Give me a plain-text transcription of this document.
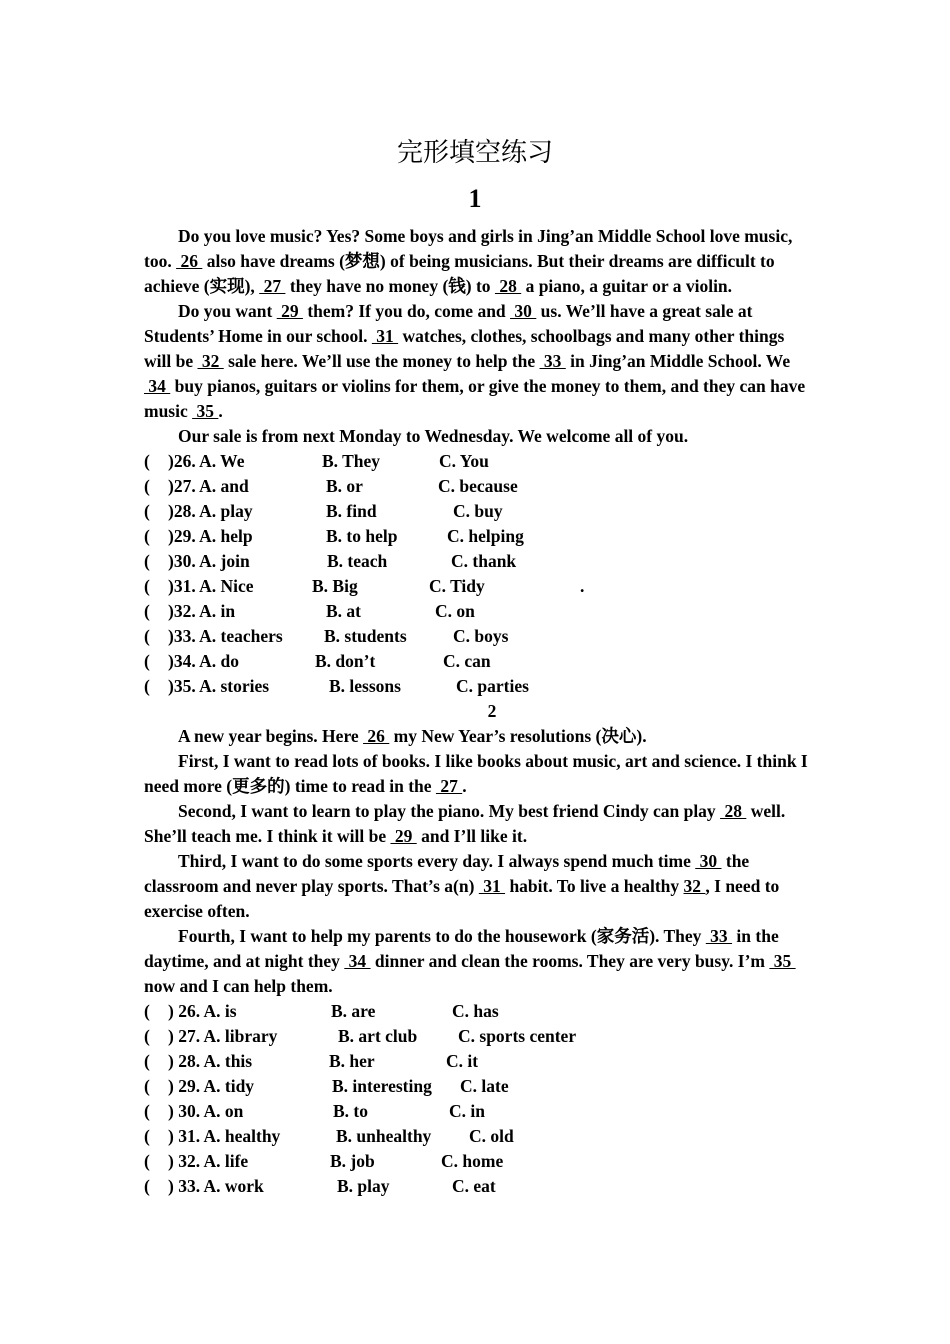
完形填空练习
1

Do you love music? Yes? Some boys and girls in Jing’an Middle School love music, too.  26  also have dreams (梦想) of being musicians. But their dreams are difficult to achieve (实现),  27  they have no money (钱) to  28  a piano, a guitar or a violin.

Do you want  29  them? If you do, come and  30  us. We’ll have a great sale at Students’ Home in our school.  31  watches, clothes, schoolbags and many other things will be  32  sale here. We’ll use the money to help the  33  in Jing’an Middle School. We  34  buy pianos, guitars or violins for them, or give the money to them, and they can have music  35 .

Our sale is from next Monday to Wednesday. We welcome all of you.

( )26. A. We	B. They	C. You
( )27. A. and	B. or	C. because
( )28. A. play	B. find	C. buy
( )29. A. help	B. to help	C. helping
( )30. A. join	B. teach	C. thank
( )31. A. Nice	B. Big	C. Tidy	.
( )32. A. in	B. at	C. on
( )33. A. teachers B. students	C. boys
( )34. A. do	B. don’t	C. can
( )35. A. stories	B. lessons	C. parties
2

A new year begins. Here  26  my New Year’s resolutions (决心).

First, I want to read lots of books. I like books about music, art and science. I think I need more (更多的) time to read in the  27 .

Second, I want to learn to play the piano. My best friend Cindy can play  28  well. She’ll teach me. I think it will be  29  and I’ll like it.

Third, I want to do some sports every day. I always spend much time  30  the classroom and never play sports. That’s a(n)  31  habit. To live a healthy 32 , I need to exercise often.

Fourth, I want to help my parents to do the housework (家务活). They  33  in the daytime, and at night they  34  dinner and clean the rooms. They are very busy. I’m  35  now and I can help them.

( ) 26. A. is	B. are	C. has
( ) 27. A. library	B. art club C. sports center
( ) 28. A. this	B. her	C. it
( ) 29. A. tidy	B. interesting C. late
( ) 30. A. on	B. to	C. in
( ) 31. A. healthy	B. unhealthy C. old
( ) 32. A. life	B. job	C. home
( ) 33. A. work	B. play	C. eat
